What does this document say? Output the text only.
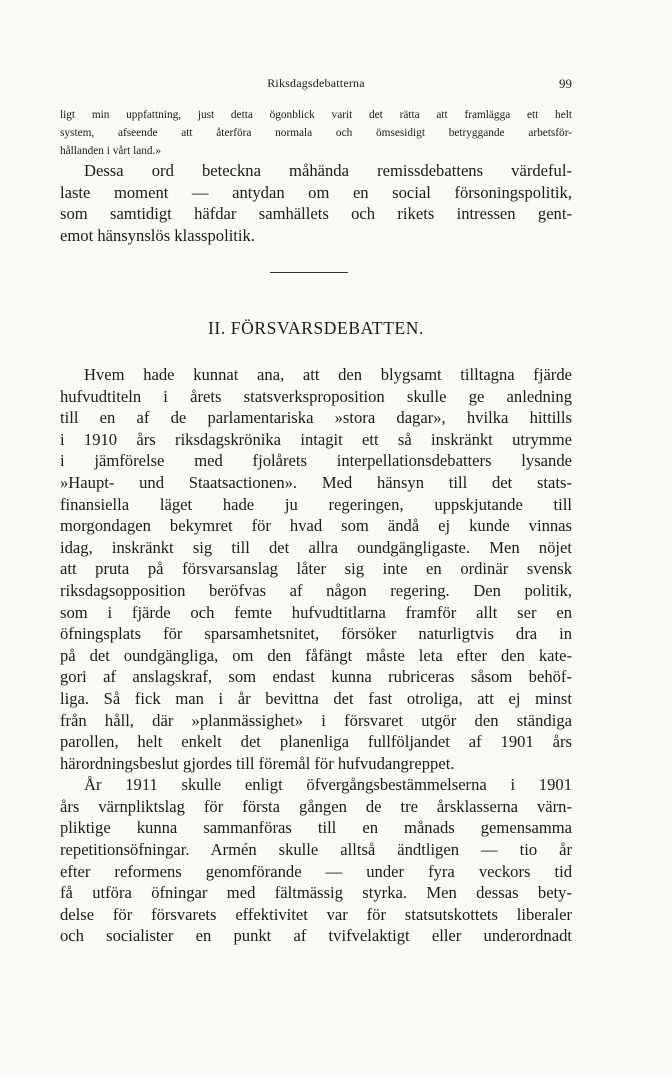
Riksdagsdebatterna	99
ligt min uppfattning, just detta ögonblick varit det rätta att framlägga ett helt
system, afseende att återföra normala och ömsesidigt betryggande arbetsför-
hållanden i vårt land.»
Dessa ord beteckna måhända remissdebattens värdeful-
laste moment — antydan om en social försoningspolitik,
som samtidigt häfdar samhällets och rikets intressen gent-
emot hänsynslös klasspolitik.
II. FÖRSVARSDEBATTEN.
Hvem hade kunnat ana, att den blygsamt tilltagna fjärde
hufvudtiteln i årets statsverksproposition skulle ge anledning
till en af de parlamentariska »stora dagar», hvilka hittills
i 1910 års riksdagskrönika intagit ett så inskränkt utrymme
i jämförelse med fjolårets interpellationsdebatters lysande
»Haupt- und Staatsactionen». Med hänsyn till det stats-
finansiella läget hade ju regeringen, uppskjutande till
morgondagen bekymret för hvad som ändå ej kunde vinnas
idag, inskränkt sig till det allra oundgängligaste. Men nöjet
att pruta på försvarsanslag låter sig inte en ordinär svensk
riksdagsopposition beröfvas af någon regering. Den politik,
som i fjärde och femte hufvudtitlarna framför allt ser en
öfningsplats för sparsamhetsnitet, försöker naturligtvis dra in
på det oundgängliga, om den fåfängt måste leta efter den kate-
gori af anslagskraf, som endast kunna rubriceras såsom behöf-
liga. Så fick man i år bevittna det fast otroliga, att ej minst
från håll, där »planmässighet» i försvaret utgör den ständiga
parollen, helt enkelt det planenliga fullföljandet af 1901 års
härordningsbeslut gjordes till föremål för hufvudangreppet.
År 1911 skulle enligt öfvergångsbestämmelserna i 1901
års värnpliktslag för första gången de tre årsklasserna värn-
pliktige kunna sammanföras till en månads gemensamma
repetitionsöfningar. Armén skulle alltså ändtligen — tio år
efter reformens genomförande — under fyra veckors tid
få utföra öfningar med fältmässig styrka. Men dessas bety-
delse för försvarets effektivitet var för statsutskottets liberaler
och socialister en punkt af tvifvelaktigt eller underordnadt
